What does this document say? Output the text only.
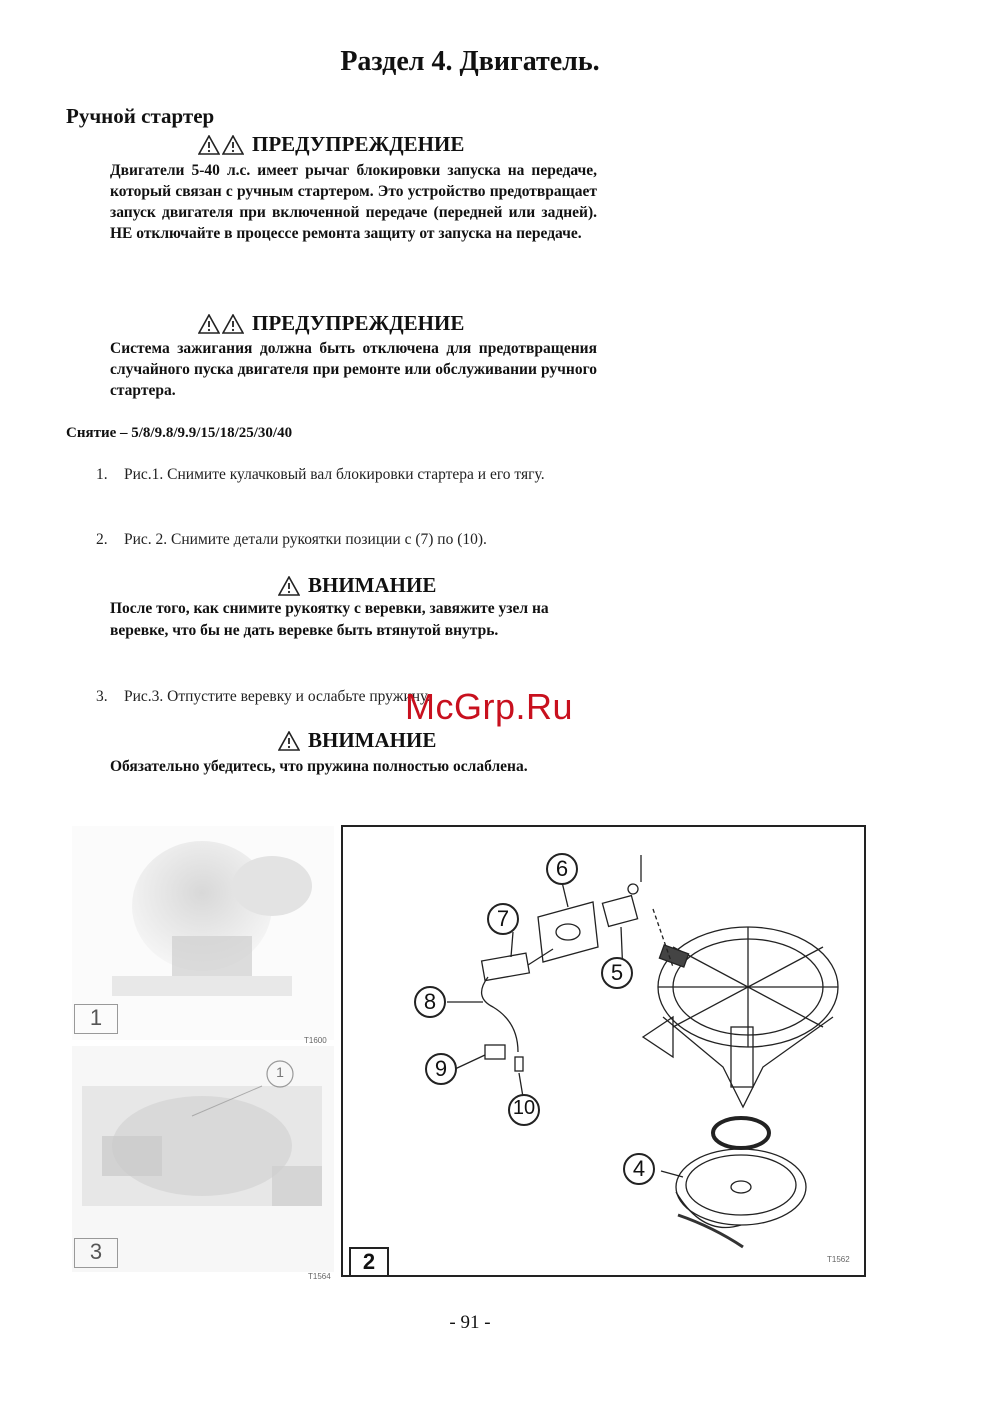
Раздел 4. Двигатель.
Ручной стартер
ПРЕДУПРЕЖДЕНИЕ
Двигатели 5-40 л.с. имеет рычаг блокировки запуска на передаче, который связан с ручным стартером. Это устройство предотвращает запуск двигателя при включенной передаче (передней или задней). НЕ отключайте в процессе ремонта защиту от запуска на передаче.
ПРЕДУПРЕЖДЕНИЕ
Система зажигания должна быть отключена для предотвращения случайного пуска двигателя при ремонте или обслуживании ручного стартера.
Снятие – 5/8/9.8/9.9/15/18/25/30/40
1. Рис.1. Снимите кулачковый вал блокировки стартера и его тягу.
2. Рис. 2. Снимите детали рукоятки позиции с (7) по (10).
ВНИМАНИЕ
После того, как снимите рукоятку с веревки, завяжите узел на веревке, что бы не дать веревке быть втянутой внутрь.
3. Рис.3. Отпустите веревку и ослабьте пружину.
McGrp.Ru
ВНИМАНИЕ
Обязательно убедитесь, что пружина полностью ослаблена.
1
T1600
1
3
T1564
6
7
8
5
9
10
4
2	T1562
- 91 -
